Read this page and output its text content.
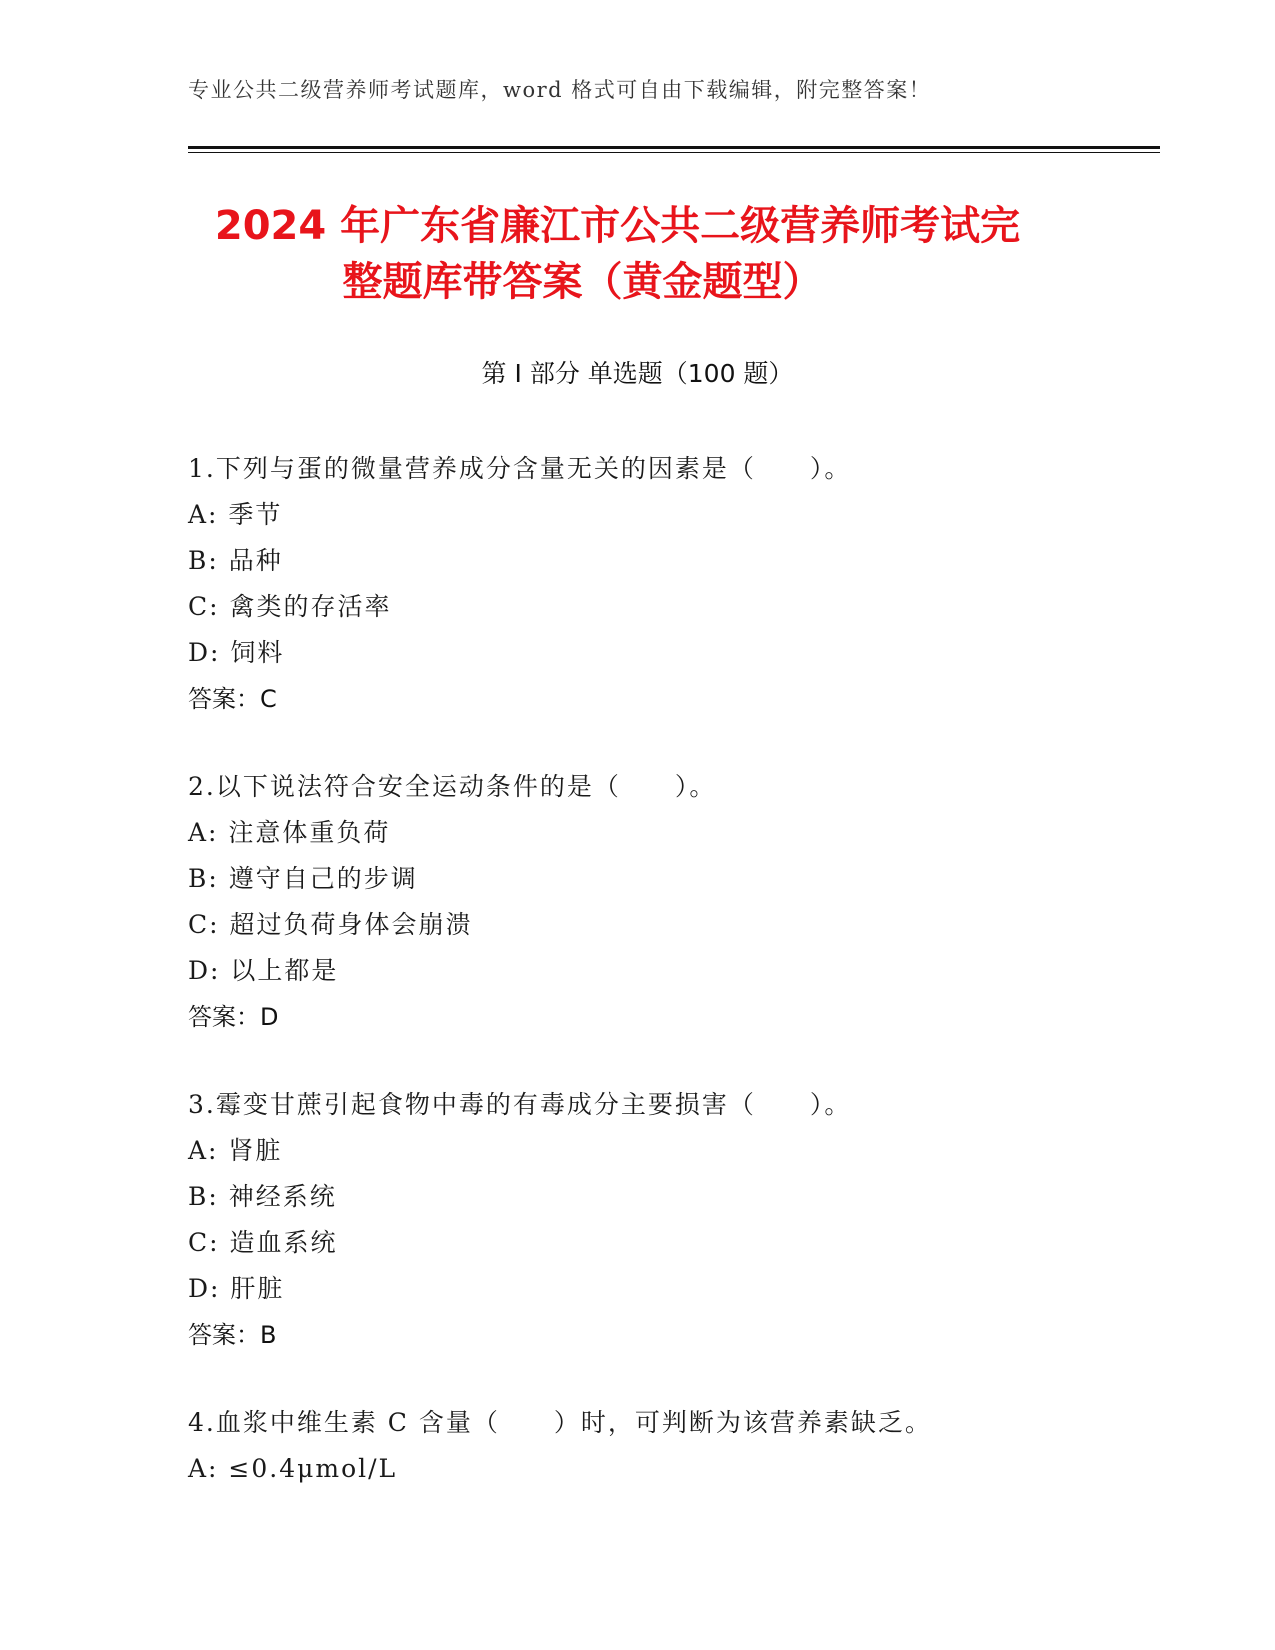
专业公共二级营养师考试题库，word 格式可自由下载编辑，附完整答案！
2024 年广东省廉江市公共二级营养师考试完
整题库带答案（黄金题型）
第 I 部分 单选题（100 题）
1.下列与蛋的微量营养成分含量无关的因素是（　　）。
A: 季节
B: 品种
C: 禽类的存活率
D: 饲料
答案：C
2.以下说法符合安全运动条件的是（　　）。
A: 注意体重负荷
B: 遵守自己的步调
C: 超过负荷身体会崩溃
D: 以上都是
答案：D
3.霉变甘蔗引起食物中毒的有毒成分主要损害（　　）。
A: 肾脏
B: 神经系统
C: 造血系统
D: 肝脏
答案：B
4.血浆中维生素 C 含量（　　）时，可判断为该营养素缺乏。
A: ≤0.4μmol/L
